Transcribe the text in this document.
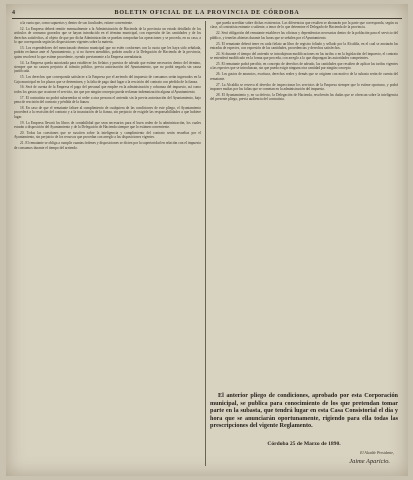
4	BOLETIN OFICIAL DE LA PROVINCIA DE CÓRDOBA

a la cuota que, como supuestos y dentro de sus facultades, estime conveniente.

12. La Empresa deberá remitir mensualmente a la Administración de Hacienda de la provincia un estado detallado de los artículos de consumo gravados que se hayan introducido en el término municipal, con expresión de las cantidades y de los derechos satisfechos, al objeto de que por dicha Administración se puedan comprobar las operaciones y se proceda, en su caso, a lo que corresponda según las disposiciones vigentes sobre la materia.

13. Los expendedores del mencionado término municipal que no estén conformes con la cuota que les haya sido señalada, podrán reclamar ante el Ayuntamiento, y, si no fueren atendidos, podrán acudir a la Delegación de Hacienda de la provincia, quien resolverá lo que estime procedente, oyendo previamente a la Empresa arrendataria.

14. La Empresa queda autorizada para establecer los fielatos y puestos de adeudo que estime necesarios dentro del término, siempre que no causen perjuicio al tránsito público, previa autorización del Ayuntamiento, que no podrá negarla sin causa justificada.

15. Los derechos que corresponda satisfacer a la Empresa por el arriendo del impuesto de consumos serán ingresados en la Caja municipal en los plazos que se determinen, y la falta de pago dará lugar a la rescisión del contrato con pérdida de la fianza.

16. Será de cuenta de la Empresa el pago del personal que emplee en la administración y cobranza del impuesto, así como todos los gastos que ocasione el servicio, sin que por ningún concepto pueda reclamar indemnización alguna al Ayuntamiento.

17. El contratista no podrá subarrendar ni ceder a otra persona el arriendo sin la previa autorización del Ayuntamiento, bajo pena de rescisión del contrato y pérdida de la fianza.

18. En caso de que el rematante faltare al cumplimiento de cualquiera de las condiciones de este pliego, el Ayuntamiento procederá a la rescisión del contrato y a la incautación de la fianza, sin perjuicio de exigirle las responsabilidades a que hubiere lugar.

19. La Empresa llevará los libros de contabilidad que sean necesarios para el buen orden de la administración, los cuales estarán a disposición del Ayuntamiento y de la Delegación de Hacienda siempre que lo estimen conveniente.

20. Todas las cuestiones que se susciten sobre la inteligencia y cumplimiento del contrato serán resueltas por el Ayuntamiento, sin perjuicio de los recursos que procedan con arreglo a las disposiciones vigentes.

21. El rematante se obliga a cumplir cuantas órdenes y disposiciones se dicten por la superioridad en relación con el impuesto de consumos durante el tiempo del arriendo.

que pueda acreditar sobre dichas existencias. Las diferencias que resulten se abonarán por la parte que corresponda, según su clase, al contratista entrante o saliente, a tenor de lo que determine el Delegado de Hacienda de la provincia.

22. Será obligación del rematante establecer las oficinas y dependencias necesarias dentro de la población para el servicio del público, y tenerlas abiertas durante las horas que se señalen por el Ayuntamiento.

23. El rematante deberá tener en cada fielato un libro de registro foliado y sellado por la Alcaldía, en el cual se anotarán las entradas de especies, con expresión de las cantidades, procedencias y derechos satisfechos.

24. Si durante el tiempo del arriendo se introdujeran modificaciones en las tarifas o en la legislación del impuesto, el contrato se entenderá modificado en la forma que proceda, con arreglo a lo que dispongan las autoridades competentes.

25. El rematante podrá percibir, en concepto de derechos de adeudo, las cantidades que resulten de aplicar las tarifas vigentes a las especies que se introduzcan, sin que pueda exigir ninguna otra cantidad por ningún concepto.

26. Los gastos de anuncios, escritura, derechos reales y demás que se originen con motivo de la subasta serán de cuenta del rematante.

27. La Alcaldía se reserva el derecho de inspeccionar los servicios de la Empresa siempre que lo estime oportuno, y podrá imponer multas por las faltas que se cometan en la administración del impuesto.

28. El Ayuntamiento y, en su defecto, la Delegación de Hacienda, resolverán las dudas que se ofrezcan sobre la inteligencia del presente pliego, previa audiencia del contratista.

El anterior pliego de condiciones, aprobado por esta Corporación municipal, se publica para conocimiento de los que pretendan tomar parte en la subasta, que tendrá lugar en esta Casa Consistorial el día y hora que se anunciarán oportunamente, rigiendo para ella todas las prescripciones del vigente Reglamento.

Córdoba 25 de Marzo de 1890.
El Alcalde Presidente,
Jaime Aparicio.
